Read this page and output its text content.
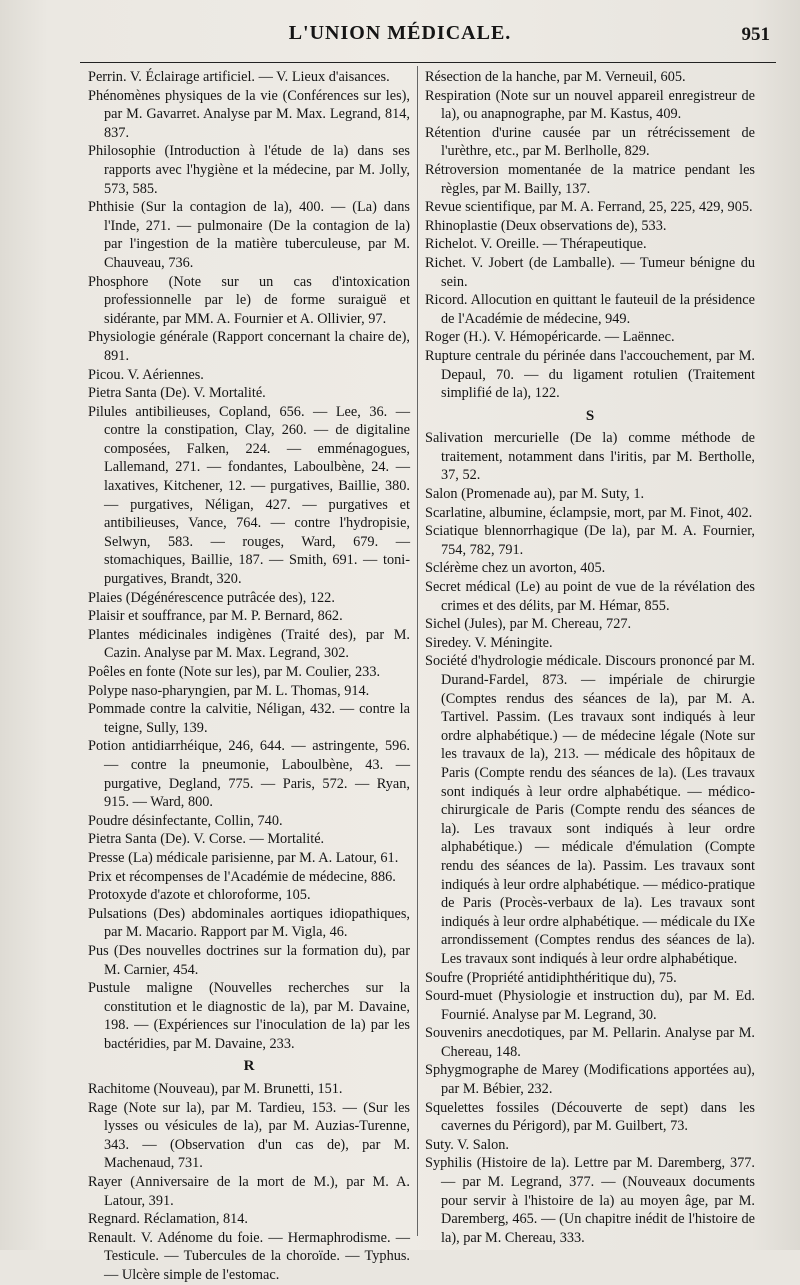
L'UNION MÉDICALE.	951

Perrin. V. Éclairage artificiel. — V. Lieux d'aisances.

Phénomènes physiques de la vie (Conférences sur les), par M. Gavarret. Analyse par M. Max. Legrand, 814, 837.

Philosophie (Introduction à l'étude de la) dans ses rapports avec l'hygiène et la médecine, par M. Jolly, 573, 585.

Phthisie (Sur la contagion de la), 400. — (La) dans l'Inde, 271. — pulmonaire (De la contagion de la) par l'ingestion de la matière tuberculeuse, par M. Chauveau, 736.

Phosphore (Note sur un cas d'intoxication professionnelle par le) de forme suraiguë et sidérante, par MM. A. Fournier et A. Ollivier, 97.

Physiologie générale (Rapport concernant la chaire de), 891.

Picou. V. Aériennes.

Pietra Santa (De). V. Mortalité.

Pilules antibilieuses, Copland, 656. — Lee, 36. — contre la constipation, Clay, 260. — de digitaline composées, Falken, 224. — emménagogues, Lallemand, 271. — fondantes, Laboulbène, 24. — laxatives, Kitchener, 12. — purgatives, Baillie, 380. — purgatives, Néligan, 427. — purgatives et antibilieuses, Vance, 764. — contre l'hydropisie, Selwyn, 583. — rouges, Ward, 679. — stomachiques, Baillie, 187. — Smith, 691. — toni-purgatives, Brandt, 320.

Plaies (Dégénérescence putrâcée des), 122.

Plaisir et souffrance, par M. P. Bernard, 862.

Plantes médicinales indigènes (Traité des), par M. Cazin. Analyse par M. Max. Legrand, 302.

Poêles en fonte (Note sur les), par M. Coulier, 233.

Polype naso-pharyngien, par M. L. Thomas, 914.

Pommade contre la calvitie, Néligan, 432. — contre la teigne, Sully, 139.

Potion antidiarrhéique, 246, 644. — astringente, 596. — contre la pneumonie, Laboulbène, 43. — purgative, Degland, 775. — Paris, 572. — Ryan, 915. — Ward, 800.

Poudre désinfectante, Collin, 740.

Pietra Santa (De). V. Corse. — Mortalité.

Presse (La) médicale parisienne, par M. A. Latour, 61.

Prix et récompenses de l'Académie de médecine, 886.

Protoxyde d'azote et chloroforme, 105.

Pulsations (Des) abdominales aortiques idiopathiques, par M. Macario. Rapport par M. Vigla, 46.

Pus (Des nouvelles doctrines sur la formation du), par M. Carnier, 454.

Pustule maligne (Nouvelles recherches sur la constitution et le diagnostic de la), par M. Davaine, 198. — (Expériences sur l'inoculation de la) par les bactéridies, par M. Davaine, 233.

R

Rachitome (Nouveau), par M. Brunetti, 151.

Rage (Note sur la), par M. Tardieu, 153. — (Sur les lysses ou vésicules de la), par M. Auzias-Turenne, 343. — (Observation d'un cas de), par M. Machenaud, 731.

Rayer (Anniversaire de la mort de M.), par M. A. Latour, 391.

Regnard. Réclamation, 814.

Renault. V. Adénome du foie. — Hermaphrodisme. — Testicule. — Tubercules de la choroïde. — Typhus. — Ulcère simple de l'estomac.

Résection de la hanche, par M. Verneuil, 605.

Respiration (Note sur un nouvel appareil enregistreur de la), ou anapnographe, par M. Kastus, 409.

Rétention d'urine causée par un rétrécissement de l'urèthre, etc., par M. Berlholle, 829.

Rétroversion momentanée de la matrice pendant les règles, par M. Bailly, 137.

Revue scientifique, par M. A. Ferrand, 25, 225, 429, 905.

Rhinoplastie (Deux observations de), 533.

Richelot. V. Oreille. — Thérapeutique.

Richet. V. Jobert (de Lamballe). — Tumeur bénigne du sein.

Ricord. Allocution en quittant le fauteuil de la présidence de l'Académie de médecine, 949.

Roger (H.). V. Hémopéricarde. — Laënnec.

Rupture centrale du périnée dans l'accouchement, par M. Depaul, 70. — du ligament rotulien (Traitement simplifié de la), 122.

S

Salivation mercurielle (De la) comme méthode de traitement, notamment dans l'iritis, par M. Bertholle, 37, 52.

Salon (Promenade au), par M. Suty, 1.

Scarlatine, albumine, éclampsie, mort, par M. Finot, 402.

Sciatique blennorrhagique (De la), par M. A. Fournier, 754, 782, 791.

Sclérème chez un avorton, 405.

Secret médical (Le) au point de vue de la révélation des crimes et des délits, par M. Hémar, 855.

Sichel (Jules), par M. Chereau, 727.

Siredey. V. Méningite.

Société d'hydrologie médicale. Discours prononcé par M. Durand-Fardel, 873. — impériale de chirurgie (Comptes rendus des séances de la), par M. A. Tartivel. Passim. (Les travaux sont indiqués à leur ordre alphabétique.) — de médecine légale (Note sur les travaux de la), 213. — médicale des hôpitaux de Paris (Compte rendu des séances de la). (Les travaux sont indiqués à leur ordre alphabétique. — médico-chirurgicale de Paris (Compte rendu des séances de la). Les travaux sont indiqués à leur ordre alphabétique.) — médicale d'émulation (Compte rendu des séances de la). Passim. Les travaux sont indiqués à leur ordre alphabétique. — médico-pratique de Paris (Procès-verbaux de la). Les travaux sont indiqués à leur ordre alphabétique. — médicale du IXe arrondissement (Comptes rendus des séances de la). Les travaux sont indiqués à leur ordre alphabétique.

Soufre (Propriété antidiphthéritique du), 75.

Sourd-muet (Physiologie et instruction du), par M. Ed. Fournié. Analyse par M. Legrand, 30.

Souvenirs anecdotiques, par M. Pellarin. Analyse par M. Chereau, 148.

Sphygmographe de Marey (Modifications apportées au), par M. Bébier, 232.

Squelettes fossiles (Découverte de sept) dans les cavernes du Périgord), par M. Guilbert, 73.

Suty. V. Salon.

Syphilis (Histoire de la). Lettre par M. Daremberg, 377. — par M. Legrand, 377. — (Nouveaux documents pour servir à l'histoire de la) au moyen âge, par M. Daremberg, 465. — (Un chapitre inédit de l'histoire de la), par M. Chereau, 333.
